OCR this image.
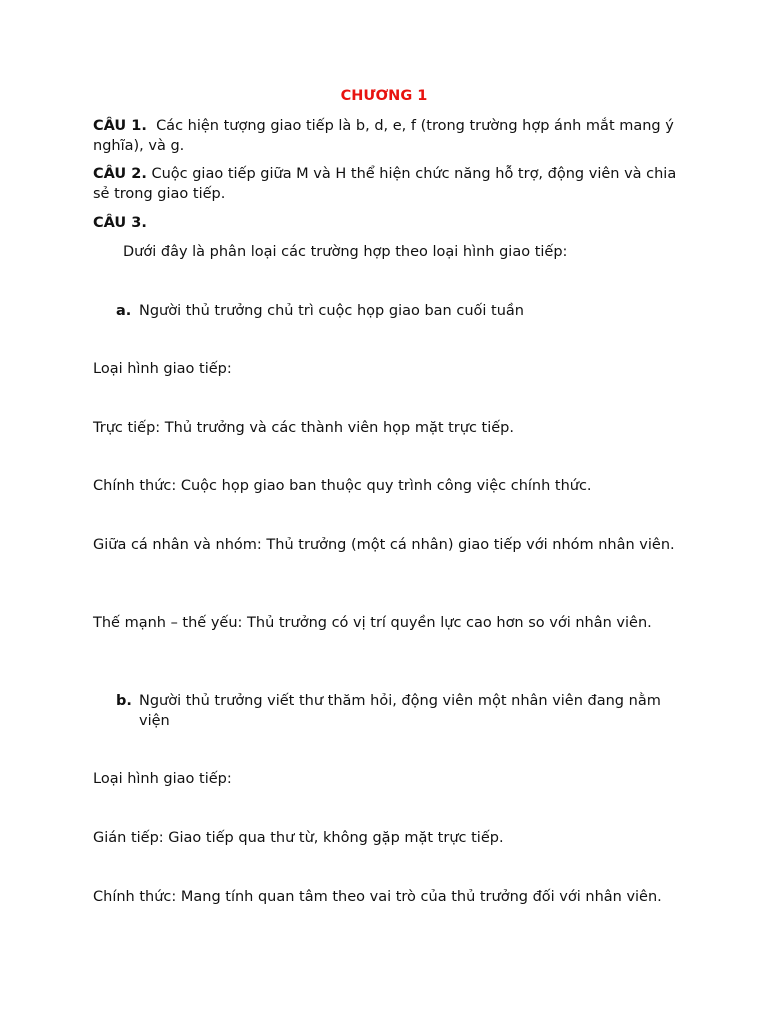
CHƯƠNG 1

CÂU 1. Các hiện tượng giao tiếp là b, d, e, f (trong trường hợp ánh mắt mang ý nghĩa), và g.

CÂU 2. Cuộc giao tiếp giữa M và H thể hiện chức năng hỗ trợ, động viên và chia sẻ trong giao tiếp.

CÂU 3.

Dưới đây là phân loại các trường hợp theo loại hình giao tiếp:

a. Người thủ trưởng chủ trì cuộc họp giao ban cuối tuần

Loại hình giao tiếp:

Trực tiếp: Thủ trưởng và các thành viên họp mặt trực tiếp.

Chính thức: Cuộc họp giao ban thuộc quy trình công việc chính thức.

Giữa cá nhân và nhóm: Thủ trưởng (một cá nhân) giao tiếp với nhóm nhân viên.

Thế mạnh – thế yếu: Thủ trưởng có vị trí quyền lực cao hơn so với nhân viên.

b. Người thủ trưởng viết thư thăm hỏi, động viên một nhân viên đang nằm viện

Loại hình giao tiếp:

Gián tiếp: Giao tiếp qua thư từ, không gặp mặt trực tiếp.

Chính thức: Mang tính quan tâm theo vai trò của thủ trưởng đối với nhân viên.
